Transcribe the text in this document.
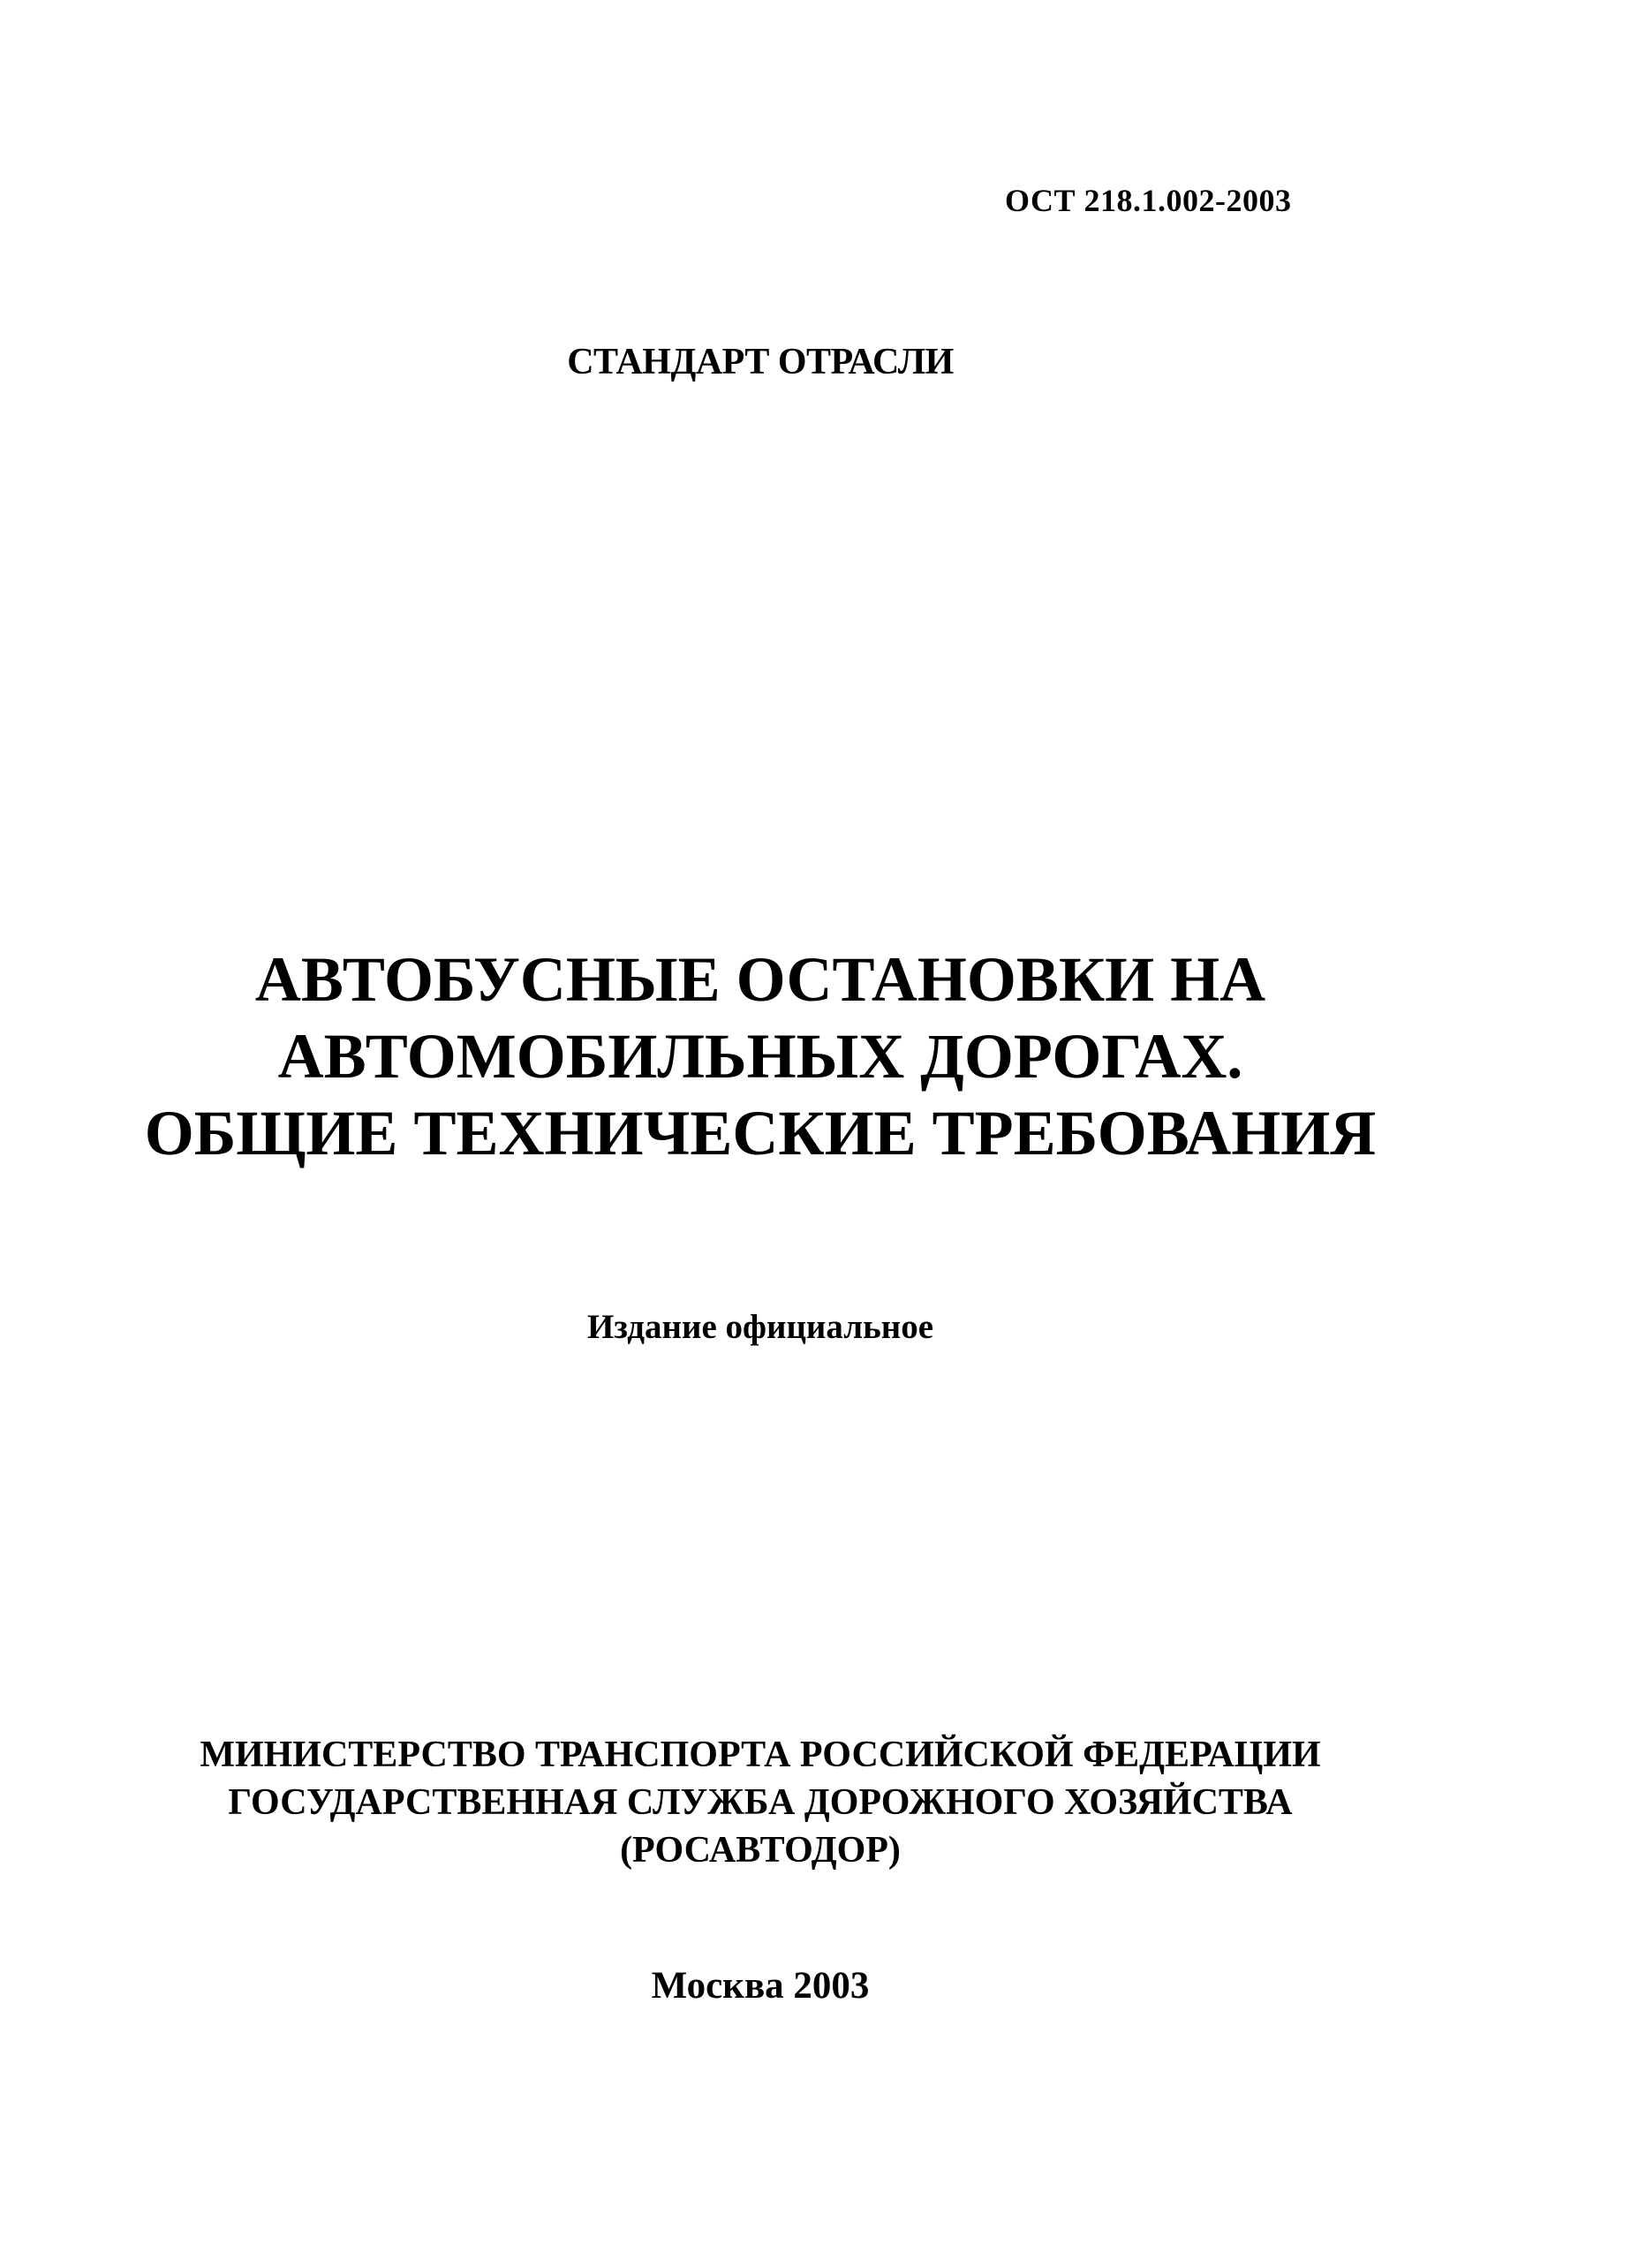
ОСТ 218.1.002-2003
СТАНДАРТ ОТРАСЛИ
АВТОБУСНЫЕ ОСТАНОВКИ НА
АВТОМОБИЛЬНЫХ ДОРОГАХ.
ОБЩИЕ ТЕХНИЧЕСКИЕ ТРЕБОВАНИЯ
Издание официальное
МИНИСТЕРСТВО ТРАНСПОРТА РОССИЙСКОЙ ФЕДЕРАЦИИ
ГОСУДАРСТВЕННАЯ СЛУЖБА ДОРОЖНОГО ХОЗЯЙСТВА
(РОСАВТОДОР)
Москва 2003
